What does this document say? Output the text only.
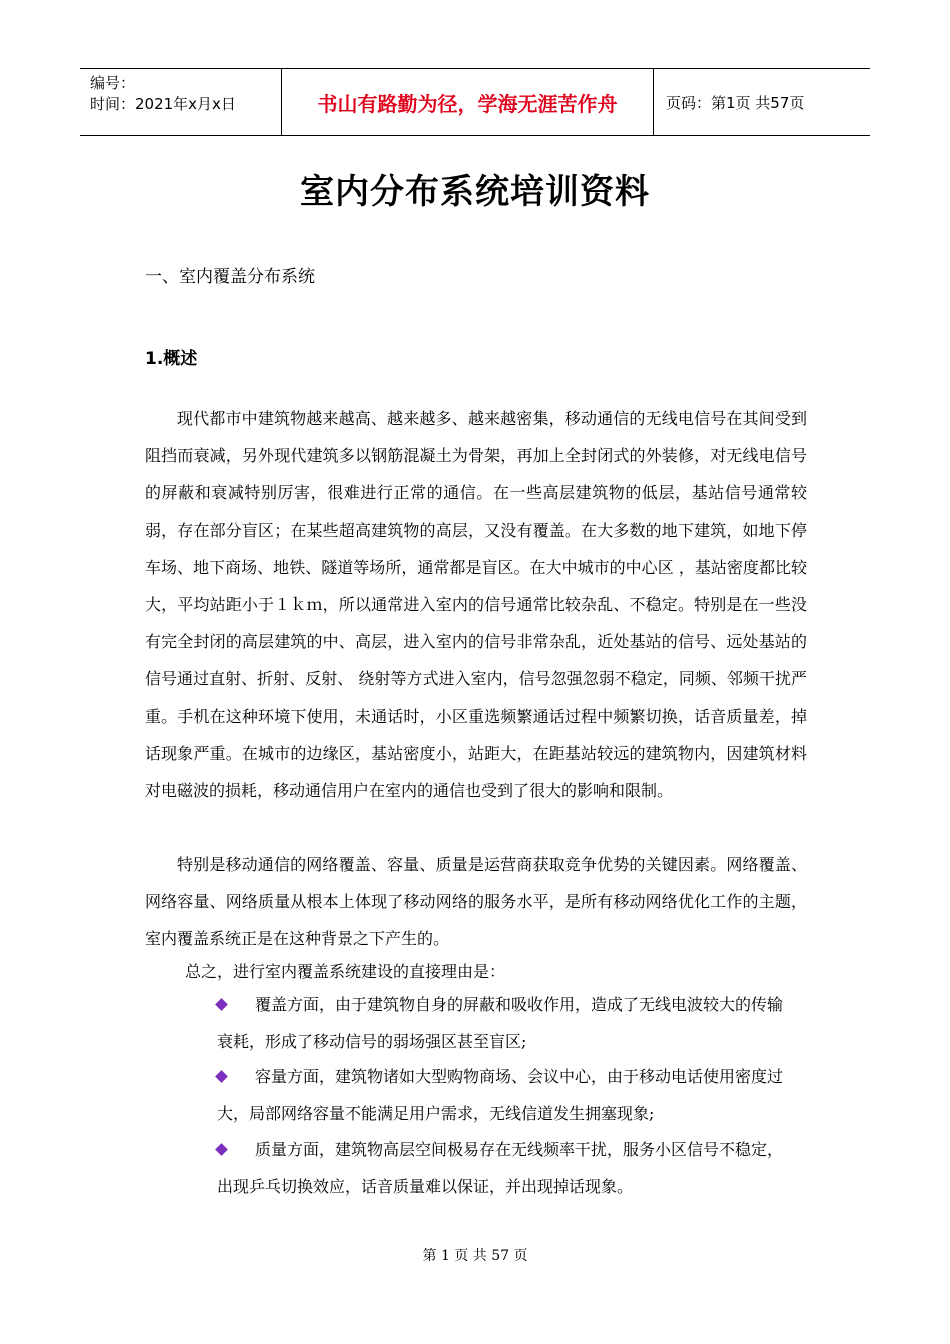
编号：
时间：2021年x月x日	书山有路勤为径，学海无涯苦作舟	页码：第1页 共57页
室内分布系统培训资料
一、室内覆盖分布系统
1.概述

现代都市中建筑物越来越高、越来越多、越来越密集，移动通信的无线电信号在其间受到阻挡而衰减，另外现代建筑多以钢筋混凝土为骨架，再加上全封闭式的外装修，对无线电信号的屏蔽和衰减特别厉害，很难进行正常的通信。在一些高层建筑物的低层，基站信号通常较弱，存在部分盲区；在某些超高建筑物的高层，又没有覆盖。在大多数的地下建筑，如地下停车场、地下商场、地铁、隧道等场所，通常都是盲区。在大中城市的中心区 ，基站密度都比较大，平均站距小于１ｋｍ，所以通常进入室内的信号通常比较杂乱、不稳定。特别是在一些没有完全封闭的高层建筑的中、高层，进入室内的信号非常杂乱，近处基站的信号、远处基站的信号通过直射、折射、反射、 绕射等方式进入室内，信号忽强忽弱不稳定，同频、邻频干扰严重。手机在这种环境下使用，未通话时，小区重选频繁通话过程中频繁切换，话音质量差，掉话现象严重。在城市的边缘区，基站密度小，站距大，在距基站较远的建筑物内，因建筑材料对电磁波的损耗，移动通信用户在室内的通信也受到了很大的影响和限制。

特别是移动通信的网络覆盖、容量、质量是运营商获取竞争优势的关键因素。网络覆盖、网络容量、网络质量从根本上体现了移动网络的服务水平，是所有移动网络优化工作的主题，室内覆盖系统正是在这种背景之下产生的。

总之，进行室内覆盖系统建设的直接理由是：

覆盖方面，由于建筑物自身的屏蔽和吸收作用，造成了无线电波较大的传输
衰耗，形成了移动信号的弱场强区甚至盲区;
容量方面，建筑物诸如大型购物商场、会议中心，由于移动电话使用密度过
大，局部网络容量不能满足用户需求，无线信道发生拥塞现象;
质量方面，建筑物高层空间极易存在无线频率干扰，服务小区信号不稳定，
出现乒乓切换效应，话音质量难以保证，并出现掉话现象。
第 1 页 共 57 页
